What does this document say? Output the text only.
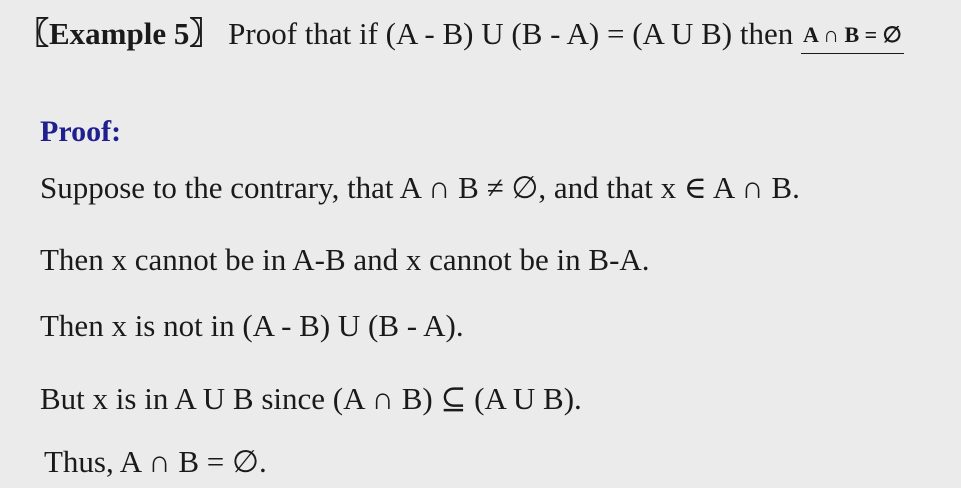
〖Example 5〗 Proof that if (A - B) U (B - A) = (A U B) then A ∩ B = ∅
Proof:
Suppose to the contrary, that A ∩ B ≠ ∅, and that x ∈ A ∩ B.
Then x cannot be in A-B and x cannot be in B-A.
Then x is not in (A - B) U (B - A).
But x is in A U B since (A ∩ B) ⊆ (A U B).
Thus, A ∩ B = ∅.
